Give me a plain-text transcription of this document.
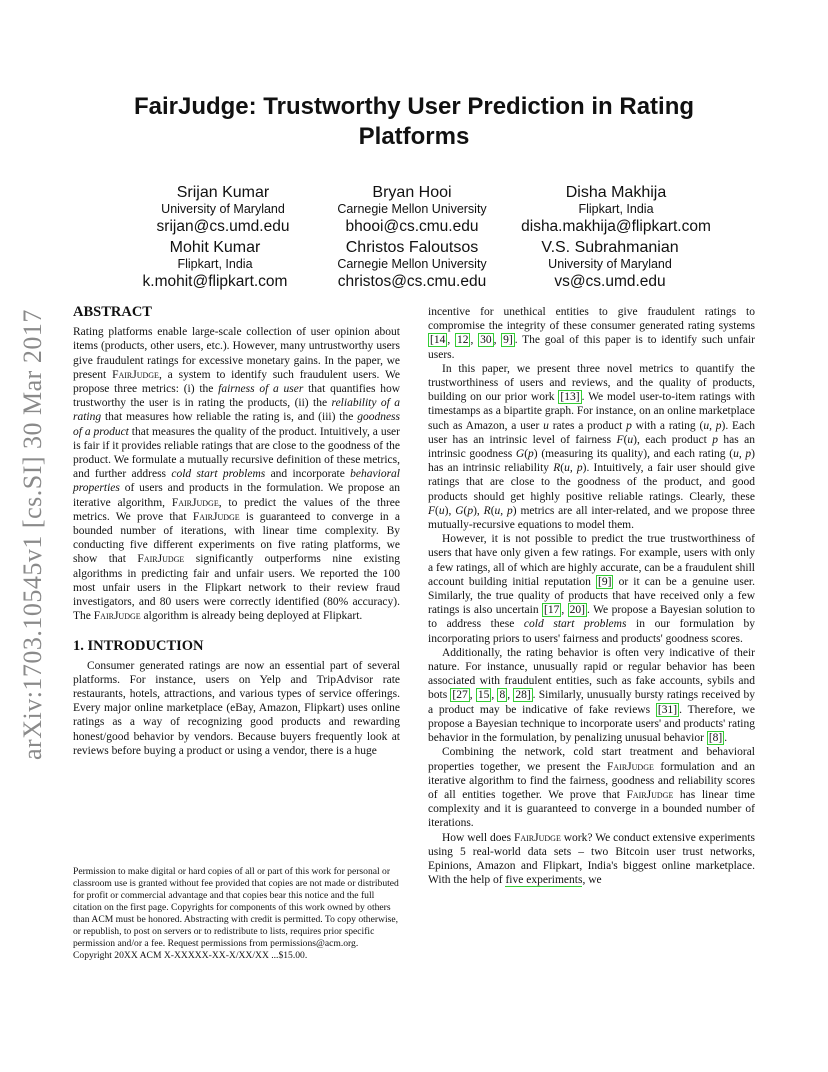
arXiv:1703.10545v1 [cs.SI] 30 Mar 2017
FairJudge: Trustworthy User Prediction in Rating Platforms
Srijan Kumar
University of Maryland
srijan@cs.umd.edu
Bryan Hooi
Carnegie Mellon University
bhooi@cs.cmu.edu
Disha Makhija
Flipkart, India
disha.makhija@flipkart.com
Mohit Kumar
Flipkart, India
k.mohit@flipkart.com
Christos Faloutsos
Carnegie Mellon University
christos@cs.cmu.edu
V.S. Subrahmanian
University of Maryland
vs@cs.umd.edu
ABSTRACT

Rating platforms enable large-scale collection of user opinion about items (products, other users, etc.). However, many untrustworthy users give fraudulent ratings for excessive monetary gains. In the paper, we present FairJudge, a system to identify such fraudulent users. We propose three metrics: (i) the fairness of a user that quantifies how trustworthy the user is in rating the products, (ii) the reliability of a rating that measures how reliable the rating is, and (iii) the goodness of a product that measures the quality of the product. Intuitively, a user is fair if it provides reliable ratings that are close to the goodness of the product. We formulate a mutually recursive definition of these metrics, and further address cold start problems and incorporate behavioral properties of users and products in the formulation. We propose an iterative algorithm, FairJudge, to predict the values of the three metrics. We prove that FairJudge is guaranteed to converge in a bounded number of iterations, with linear time complexity. By conducting five different experiments on five rating platforms, we show that FairJudge significantly outperforms nine existing algorithms in predicting fair and unfair users. We reported the 100 most unfair users in the Flipkart network to their review fraud investigators, and 80 users were correctly identified (80% accuracy). The FairJudge algorithm is already being deployed at Flipkart.

1. INTRODUCTION

Consumer generated ratings are now an essential part of several platforms. For instance, users on Yelp and TripAdvisor rate restaurants, hotels, attractions, and various types of service offerings. Every major online marketplace (eBay, Amazon, Flipkart) uses online ratings as a way of recognizing good products and rewarding honest/good behavior by vendors. Because buyers frequently look at reviews before buying a product or using a vendor, there is a huge

Permission to make digital or hard copies of all or part of this work for personal or classroom use is granted without fee provided that copies are not made or distributed for profit or commercial advantage and that copies bear this notice and the full citation on the first page. Copyrights for components of this work owned by others than ACM must be honored. Abstracting with credit is permitted. To copy otherwise, or republish, to post on servers or to redistribute to lists, requires prior specific permission and/or a fee. Request permissions from permissions@acm.org.

Copyright 20XX ACM X-XXXXX-XX-X/XX/XX ...$15.00.

incentive for unethical entities to give fraudulent ratings to compromise the integrity of these consumer generated rating systems [14 , 12 , 30 , 9] . The goal of this paper is to identify such unfair users.

In this paper, we present three novel metrics to quantify the trustworthiness of users and reviews, and the quality of products, building on our prior work [13] . We model user-to-item ratings with timestamps as a bipartite graph. For instance, on an online marketplace such as Amazon, a user u rates a product p with a rating (u, p). Each user has an intrinsic level of fairness F(u), each product p has an intrinsic goodness G(p) (measuring its quality), and each rating (u, p) has an intrinsic reliability R(u, p). Intuitively, a fair user should give ratings that are close to the goodness of the product, and good products should get highly positive reliable ratings. Clearly, these F(u), G(p), R(u, p) metrics are all inter-related, and we propose three mutually-recursive equations to model them.

However, it is not possible to predict the true trustworthiness of users that have only given a few ratings. For example, users with only a few ratings, all of which are highly accurate, can be a fraudulent shill account building initial reputation [9] or it can be a genuine user. Similarly, the true quality of products that have received only a few ratings is also uncertain [17 , 20] . We propose a Bayesian solution to to address these cold start problems in our formulation by incorporating priors to users' fairness and products' goodness scores.

Additionally, the rating behavior is often very indicative of their nature. For instance, unusually rapid or regular behavior has been associated with fraudulent entities, such as fake accounts, sybils and bots [27 , 15 , 8 , 28] . Similarly, unusually bursty ratings received by a product may be indicative of fake reviews [31] . Therefore, we propose a Bayesian technique to incorporate users' and products' rating behavior in the formulation, by penalizing unusual behavior [8] .

Combining the network, cold start treatment and behavioral properties together, we present the FairJudge formulation and an iterative algorithm to find the fairness, goodness and reliability scores of all entities together. We prove that FairJudge has linear time complexity and it is guaranteed to converge in a bounded number of iterations.

How well does FairJudge work? We conduct extensive experiments using 5 real-world data sets – two Bitcoin user trust networks, Epinions, Amazon and Flipkart, India's biggest online marketplace. With the help of five experiments, we
